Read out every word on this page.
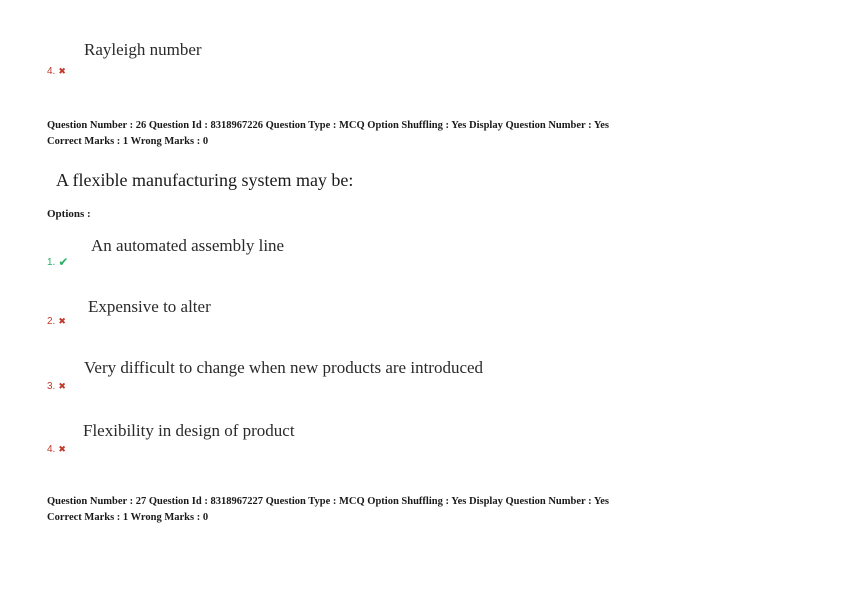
Rayleigh number
4. ✖
Question Number : 26 Question Id : 8318967226 Question Type : MCQ Option Shuffling : Yes Display Question Number : Yes
Correct Marks : 1 Wrong Marks : 0
A flexible manufacturing system may be:
Options :
An automated assembly line
1. ✔
Expensive to alter
2. ✖
Very difficult to change when new products are introduced
3. ✖
Flexibility in design of product
4. ✖
Question Number : 27 Question Id : 8318967227 Question Type : MCQ Option Shuffling : Yes Display Question Number : Yes
Correct Marks : 1 Wrong Marks : 0
